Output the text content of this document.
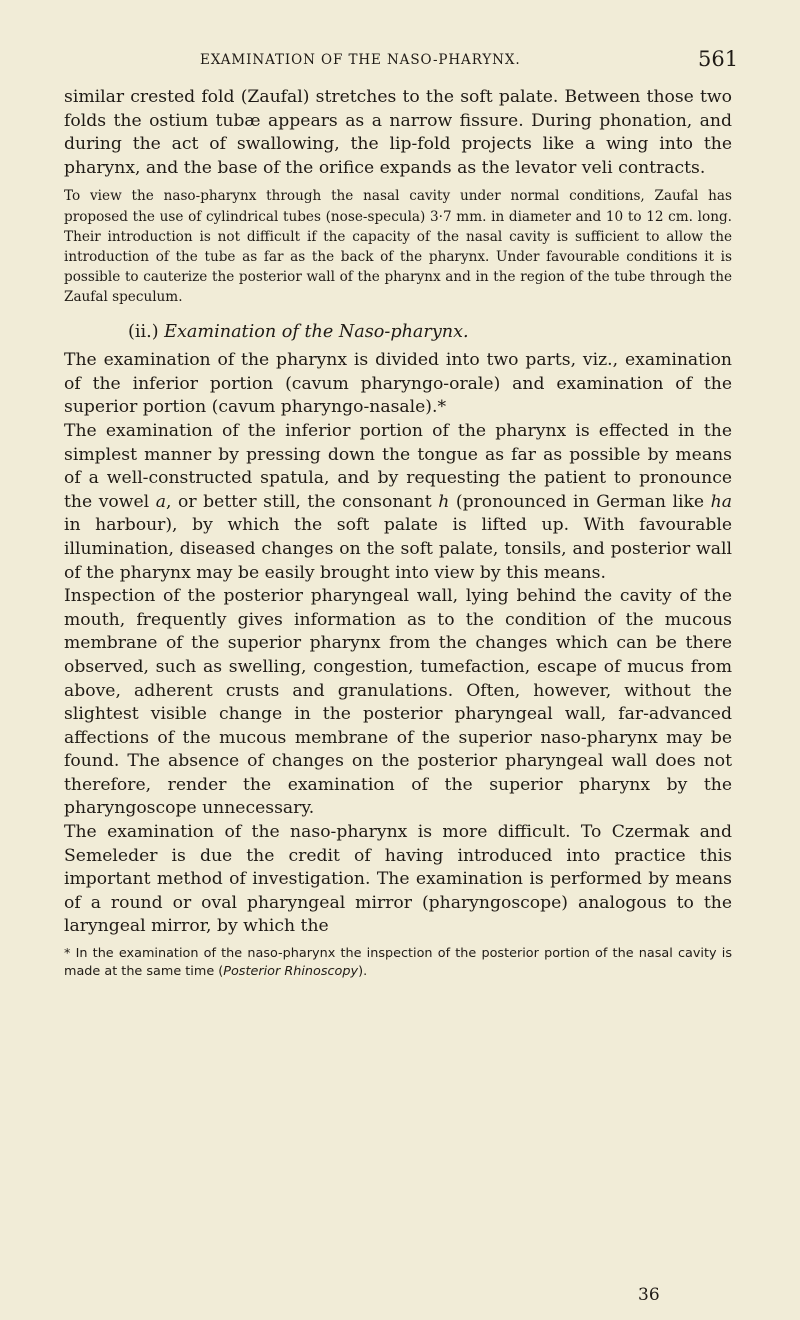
EXAMINATION OF THE NASO-PHARYNX.	561

similar crested fold (Zaufal) stretches to the soft palate. Between those two folds the ostium tubæ appears as a narrow fissure. During phonation, and during the act of swallowing, the lip-fold projects like a wing into the pharynx, and the base of the orifice expands as the levator veli contracts.

To view the naso-pharynx through the nasal cavity under normal conditions, Zaufal has proposed the use of cylindrical tubes (nose-specula) 3·7 mm. in diameter and 10 to 12 cm. long. Their introduction is not difficult if the capacity of the nasal cavity is sufficient to allow the introduction of the tube as far as the back of the pharynx. Under favourable conditions it is possible to cauterize the posterior wall of the pharynx and in the region of the tube through the Zaufal speculum.

(ii.) Examination of the Naso-pharynx.

The examination of the pharynx is divided into two parts, viz., examination of the inferior portion (cavum pharyngo-orale) and examination of the superior portion (cavum pharyngo-nasale).*

The examination of the inferior portion of the pharynx is effected in the simplest manner by pressing down the tongue as far as possible by means of a well-constructed spatula, and by requesting the patient to pronounce the vowel a, or better still, the consonant h (pronounced in German like ha in harbour), by which the soft palate is lifted up. With favourable illumination, diseased changes on the soft palate, tonsils, and posterior wall of the pharynx may be easily brought into view by this means.

Inspection of the posterior pharyngeal wall, lying behind the cavity of the mouth, frequently gives information as to the condition of the mucous membrane of the superior pharynx from the changes which can be there observed, such as swelling, congestion, tumefaction, escape of mucus from above, adherent crusts and granulations. Often, however, without the slightest visible change in the posterior pharyngeal wall, far-advanced affections of the mucous membrane of the superior naso-pharynx may be found. The absence of changes on the posterior pharyngeal wall does not therefore, render the examination of the superior pharynx by the pharyngoscope unnecessary.

The examination of the naso-pharynx is more difficult. To Czermak and Semeleder is due the credit of having introduced into practice this important method of investigation. The examination is performed by means of a round or oval pharyngeal mirror (pharyngoscope) analogous to the laryngeal mirror, by which the

* In the examination of the naso-pharynx the inspection of the posterior portion of the nasal cavity is made at the same time (Posterior Rhinoscopy).

36
